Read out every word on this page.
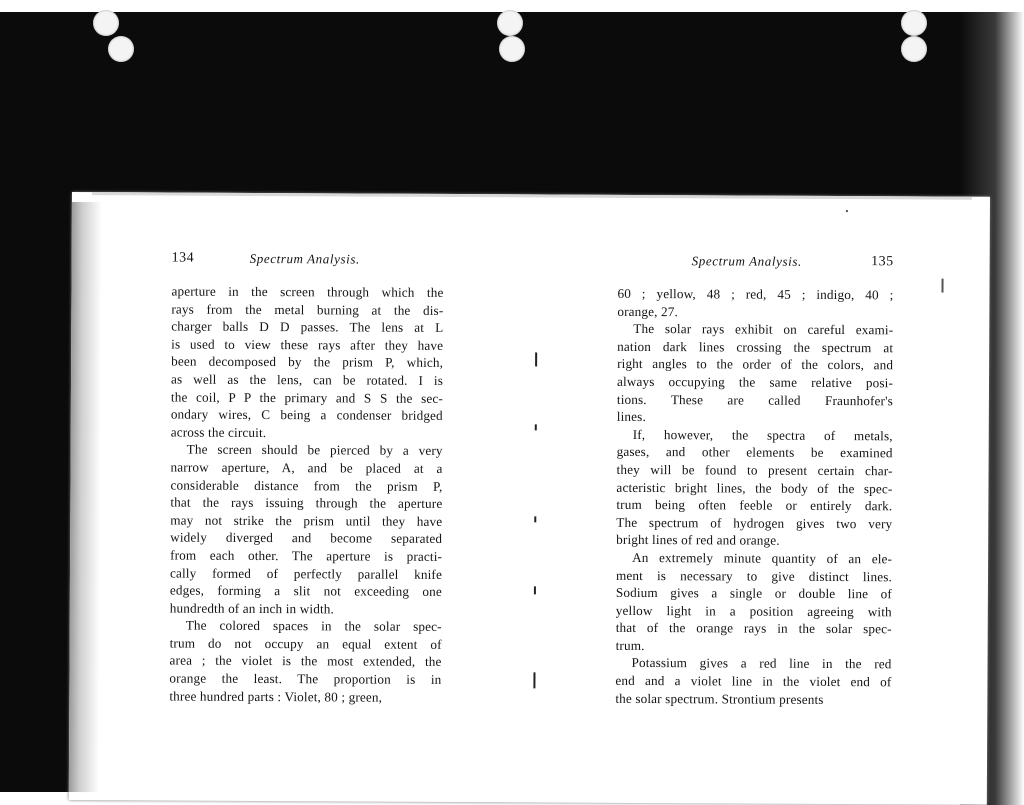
134	Spectrum Analysis.
aperture in the screen through which the
rays from the metal burning at the dis-
charger balls D D passes. The lens at L
is used to view these rays after they have
been decomposed by the prism P, which,
as well as the lens, can be rotated. I is
the coil, P P the primary and S S the sec-
ondary wires, C being a condenser bridged
across the circuit.
The screen should be pierced by a very
narrow aperture, A, and be placed at a
considerable distance from the prism P,
that the rays issuing through the aperture
may not strike the prism until they have
widely diverged and become separated
from each other. The aperture is practi-
cally formed of perfectly parallel knife
edges, forming a slit not exceeding one
hundredth of an inch in width.
The colored spaces in the solar spec-
trum do not occupy an equal extent of
area ; the violet is the most extended, the
orange the least. The proportion is in
three hundred parts : Violet, 80 ; green,
Spectrum Analysis.	135
60 ; yellow, 48 ; red, 45 ; indigo, 40 ;
orange, 27.
The solar rays exhibit on careful exami-
nation dark lines crossing the spectrum at
right angles to the order of the colors, and
always occupying the same relative posi-
tions. These are called Fraunhofer's
lines.
If, however, the spectra of metals,
gases, and other elements be examined
they will be found to present certain char-
acteristic bright lines, the body of the spec-
trum being often feeble or entirely dark.
The spectrum of hydrogen gives two very
bright lines of red and orange.
An extremely minute quantity of an ele-
ment is necessary to give distinct lines.
Sodium gives a single or double line of
yellow light in a position agreeing with
that of the orange rays in the solar spec-
trum.
Potassium gives a red line in the red
end and a violet line in the violet end of
the solar spectrum. Strontium presents
